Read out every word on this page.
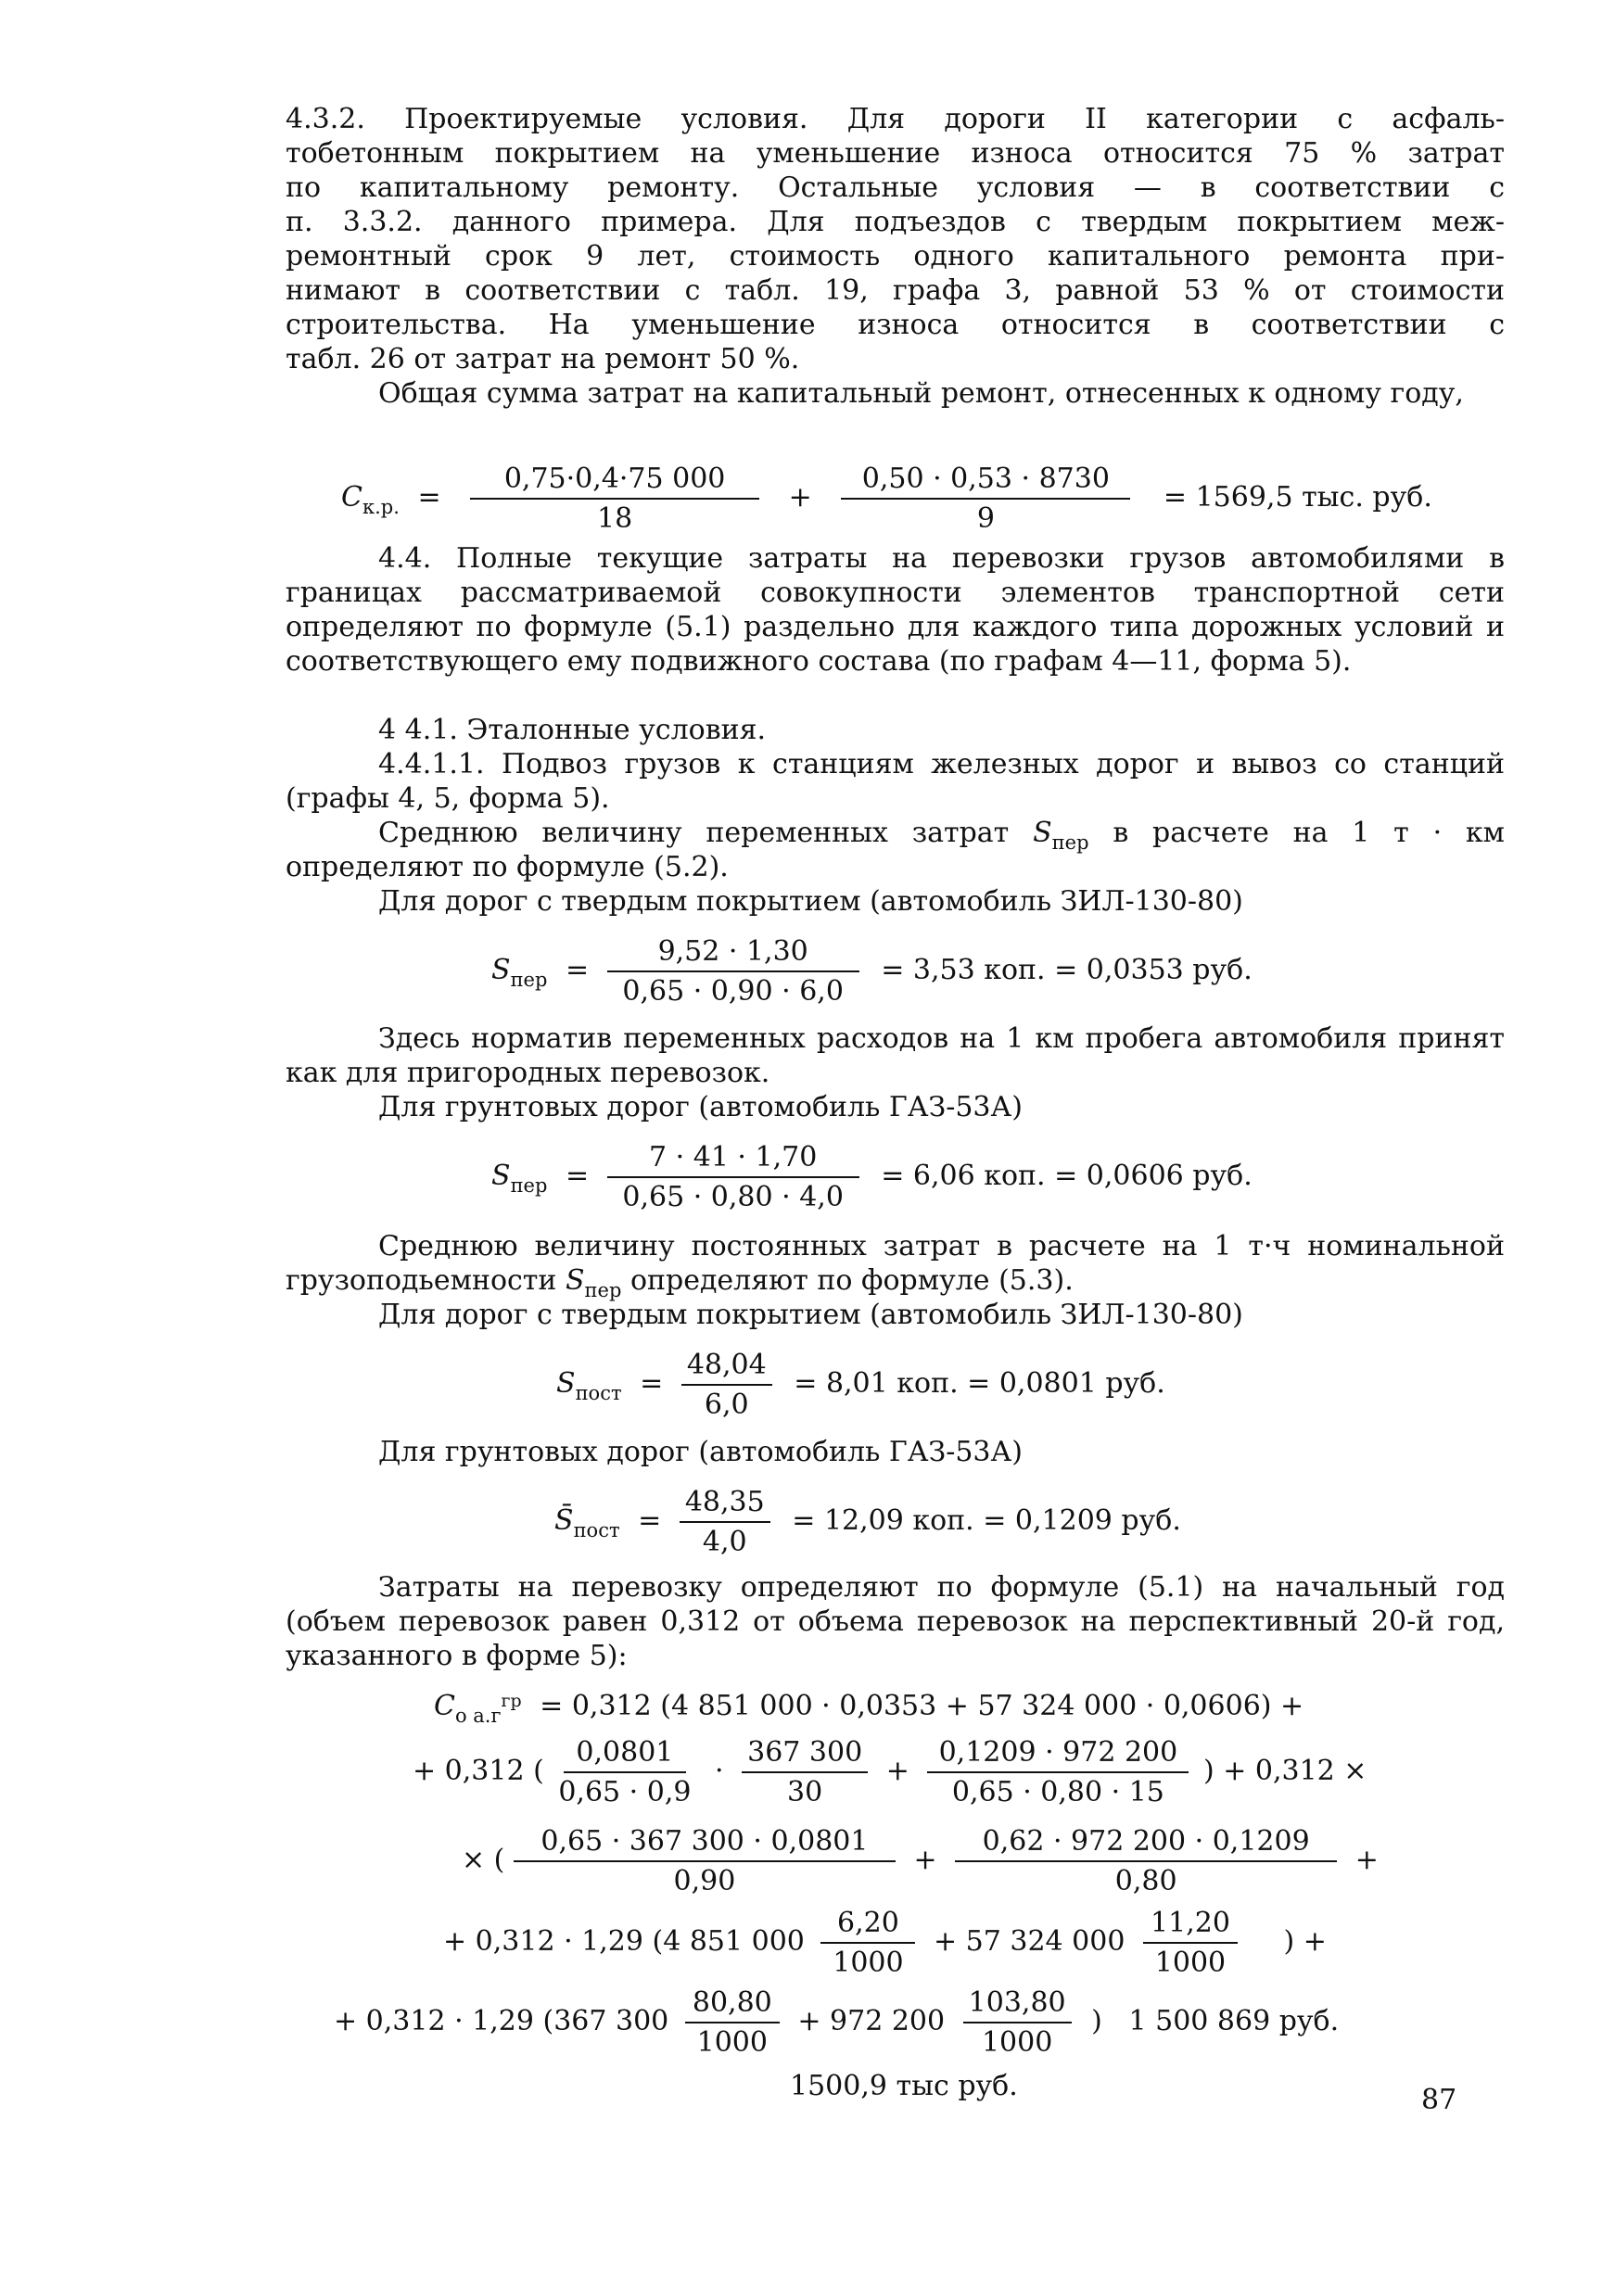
4.3.2. Проектируемые условия. Для дороги II категории с асфаль-
тобетонным покрытием на уменьшение износа относится 75 % затрат
по капитальному ремонту. Остальные условия — в соответствии с
п. 3.3.2. данного примера. Для подъездов с твердым покрытием меж-
ремонтный срок 9 лет, стоимость одного капитального ремонта при-
нимают в соответствии с табл. 19, графа 3, равной 53 % от стоимости
строительства. На уменьшение износа относится в соответствии с
табл. 26 от затрат на ремонт 50 %.
Общая сумма затрат на капитальный ремонт, отнесенных к одному году,
$C_{к.р.} = \frac{0,75\cdot 0,4\cdot 75 000}{18} + \frac{0,50 \cdot 0,53 \cdot 8730}{9} = 1569,5$ тыс. руб.
4.4. Полные текущие затраты на перевозки грузов автомобилями в границах рассматриваемой совокупности элементов транспортной сети определяют по формуле (5.1) раздельно для каждого типа дорожных условий и соответствующего ему подвижного состава (по графам 4—11, форма 5).
4 4.1. Эталонные условия.
4.4.1.1. Подвоз грузов к станциям железных дорог и вывоз со станций (графы 4, 5, форма 5).
Среднюю величину переменных затрат $S_{пер}$ в расчете на 1 т · км определяют по формуле (5.2).
Для дорог с твердым покрытием (автомобиль ЗИЛ-130-80)
$S_{пер} = \frac{9,52 \cdot 1,30}{0,65 \cdot 0,90 \cdot 6,0} = 3,53$ коп. = 0,0353 руб.
Здесь норматив переменных расходов на 1 км пробега автомобиля принят как для пригородных перевозок.
Для грунтовых дорог (автомобиль ГАЗ-53А)
$S_{пер} = \frac{7 \cdot 41 \cdot 1,70}{0,65 \cdot 0,80 \cdot 4,0} = 6,06$ коп. = 0,0606 руб.
Среднюю величину постоянных затрат в расчете на 1 т·ч номинальной грузоподьемности $S_{пер}$ определяют по формуле (5.3).
Для дорог с твердым покрытием (автомобиль ЗИЛ-130-80)
$S_{пост} = \frac{48,04}{6,0} = 8,01$ коп. = 0,0801 руб.
Для грунтовых дорог (автомобиль ГАЗ-53А)
$S̄_{пост} = \frac{48,35}{4,0} = 12,09$ коп. = 0,1209 руб.
Затраты на перевозку определяют по формуле (5.1) на начальный год (объем перевозок равен 0,312 от объема перевозок на перспективный 20-й год, указанного в форме 5):
$C_{о а.г}^{гр} = 0,312$ (4 851 000 · 0,0353 + 57 324 000 · 0,0606) +
+ 0,312 ( $\frac{0,0801}{0,65 \cdot 0,9} \cdot \frac{367 300}{30} + \frac{0,1209 \cdot 972 200}{0,65 \cdot 0,80 \cdot 15}$ ) + 0,312 ×
× ( $\frac{0,65 \cdot 367 300 \cdot 0,0801}{0,90} + \frac{0,62 \cdot 972 200 \cdot 0,1209}{0,80}$ +
+ 0,312 · 1,29 (4 851 $000 \frac{6,20}{1000} + 57$ 324 $000 \frac{11,20}{1000}$ ) +
+ 0,312 · 1,29 (367 $300 \frac{80,80}{1000} + 972$ $200 \frac{103,80}{1000}$ )   1 500 869 руб.
1500,9 тыс руб.	87
